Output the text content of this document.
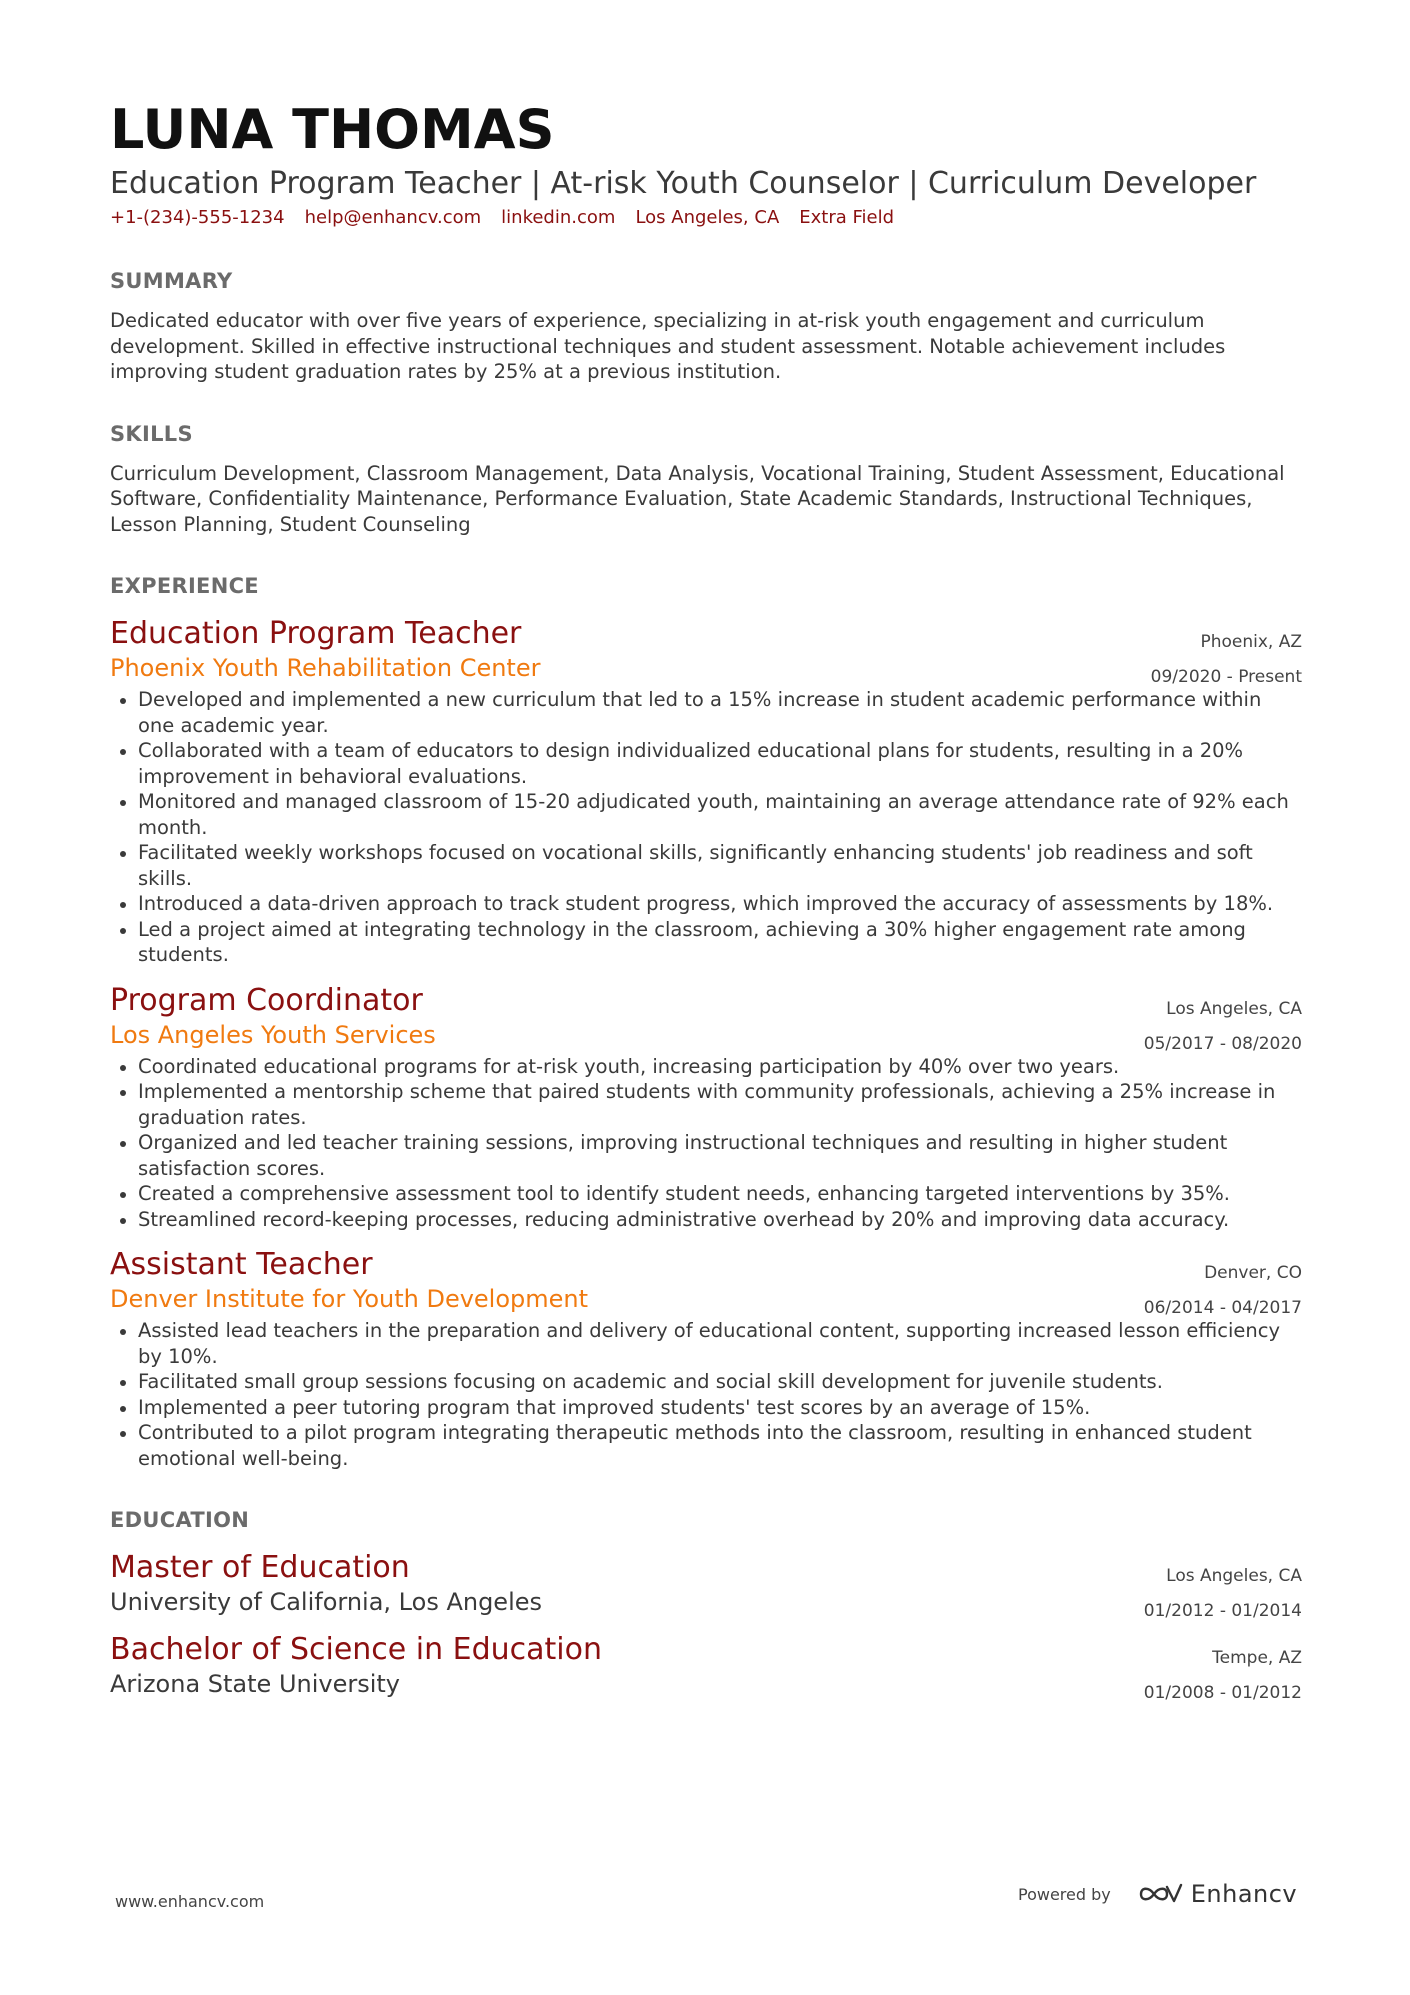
LUNA THOMAS
Education Program Teacher | At-risk Youth Counselor | Curriculum Developer
+1-(234)-555-1234 help@enhancv.com linkedin.com Los Angeles, CA Extra Field
SUMMARY
Dedicated educator with over five years of experience, specializing in at-risk youth engagement and curriculum development. Skilled in effective instructional techniques and student assessment. Notable achievement includes improving student graduation rates by 25% at a previous institution.
SKILLS
Curriculum Development, Classroom Management, Data Analysis, Vocational Training, Student Assessment, Educational Software, Confidentiality Maintenance, Performance Evaluation, State Academic Standards, Instructional Techniques, Lesson Planning, Student Counseling
EXPERIENCE
Education Program Teacher
Phoenix Youth Rehabilitation Center
Phoenix, AZ
09/2020 - Present
Developed and implemented a new curriculum that led to a 15% increase in student academic performance within one academic year.
Collaborated with a team of educators to design individualized educational plans for students, resulting in a 20% improvement in behavioral evaluations.
Monitored and managed classroom of 15-20 adjudicated youth, maintaining an average attendance rate of 92% each month.
Facilitated weekly workshops focused on vocational skills, significantly enhancing students' job readiness and soft skills.
Introduced a data-driven approach to track student progress, which improved the accuracy of assessments by 18%.
Led a project aimed at integrating technology in the classroom, achieving a 30% higher engagement rate among students.
Program Coordinator
Los Angeles Youth Services
Los Angeles, CA
05/2017 - 08/2020
Coordinated educational programs for at-risk youth, increasing participation by 40% over two years.
Implemented a mentorship scheme that paired students with community professionals, achieving a 25% increase in graduation rates.
Organized and led teacher training sessions, improving instructional techniques and resulting in higher student satisfaction scores.
Created a comprehensive assessment tool to identify student needs, enhancing targeted interventions by 35%.
Streamlined record-keeping processes, reducing administrative overhead by 20% and improving data accuracy.
Assistant Teacher
Denver Institute for Youth Development
Denver, CO
06/2014 - 04/2017
Assisted lead teachers in the preparation and delivery of educational content, supporting increased lesson efficiency by 10%.
Facilitated small group sessions focusing on academic and social skill development for juvenile students.
Implemented a peer tutoring program that improved students' test scores by an average of 15%.
Contributed to a pilot program integrating therapeutic methods into the classroom, resulting in enhanced student emotional well-being.
EDUCATION
Master of Education
University of California, Los Angeles
Los Angeles, CA
01/2012 - 01/2014
Bachelor of Science in Education
Arizona State University
Tempe, AZ
01/2008 - 01/2012
www.enhancv.com	Powered by	Enhancv
